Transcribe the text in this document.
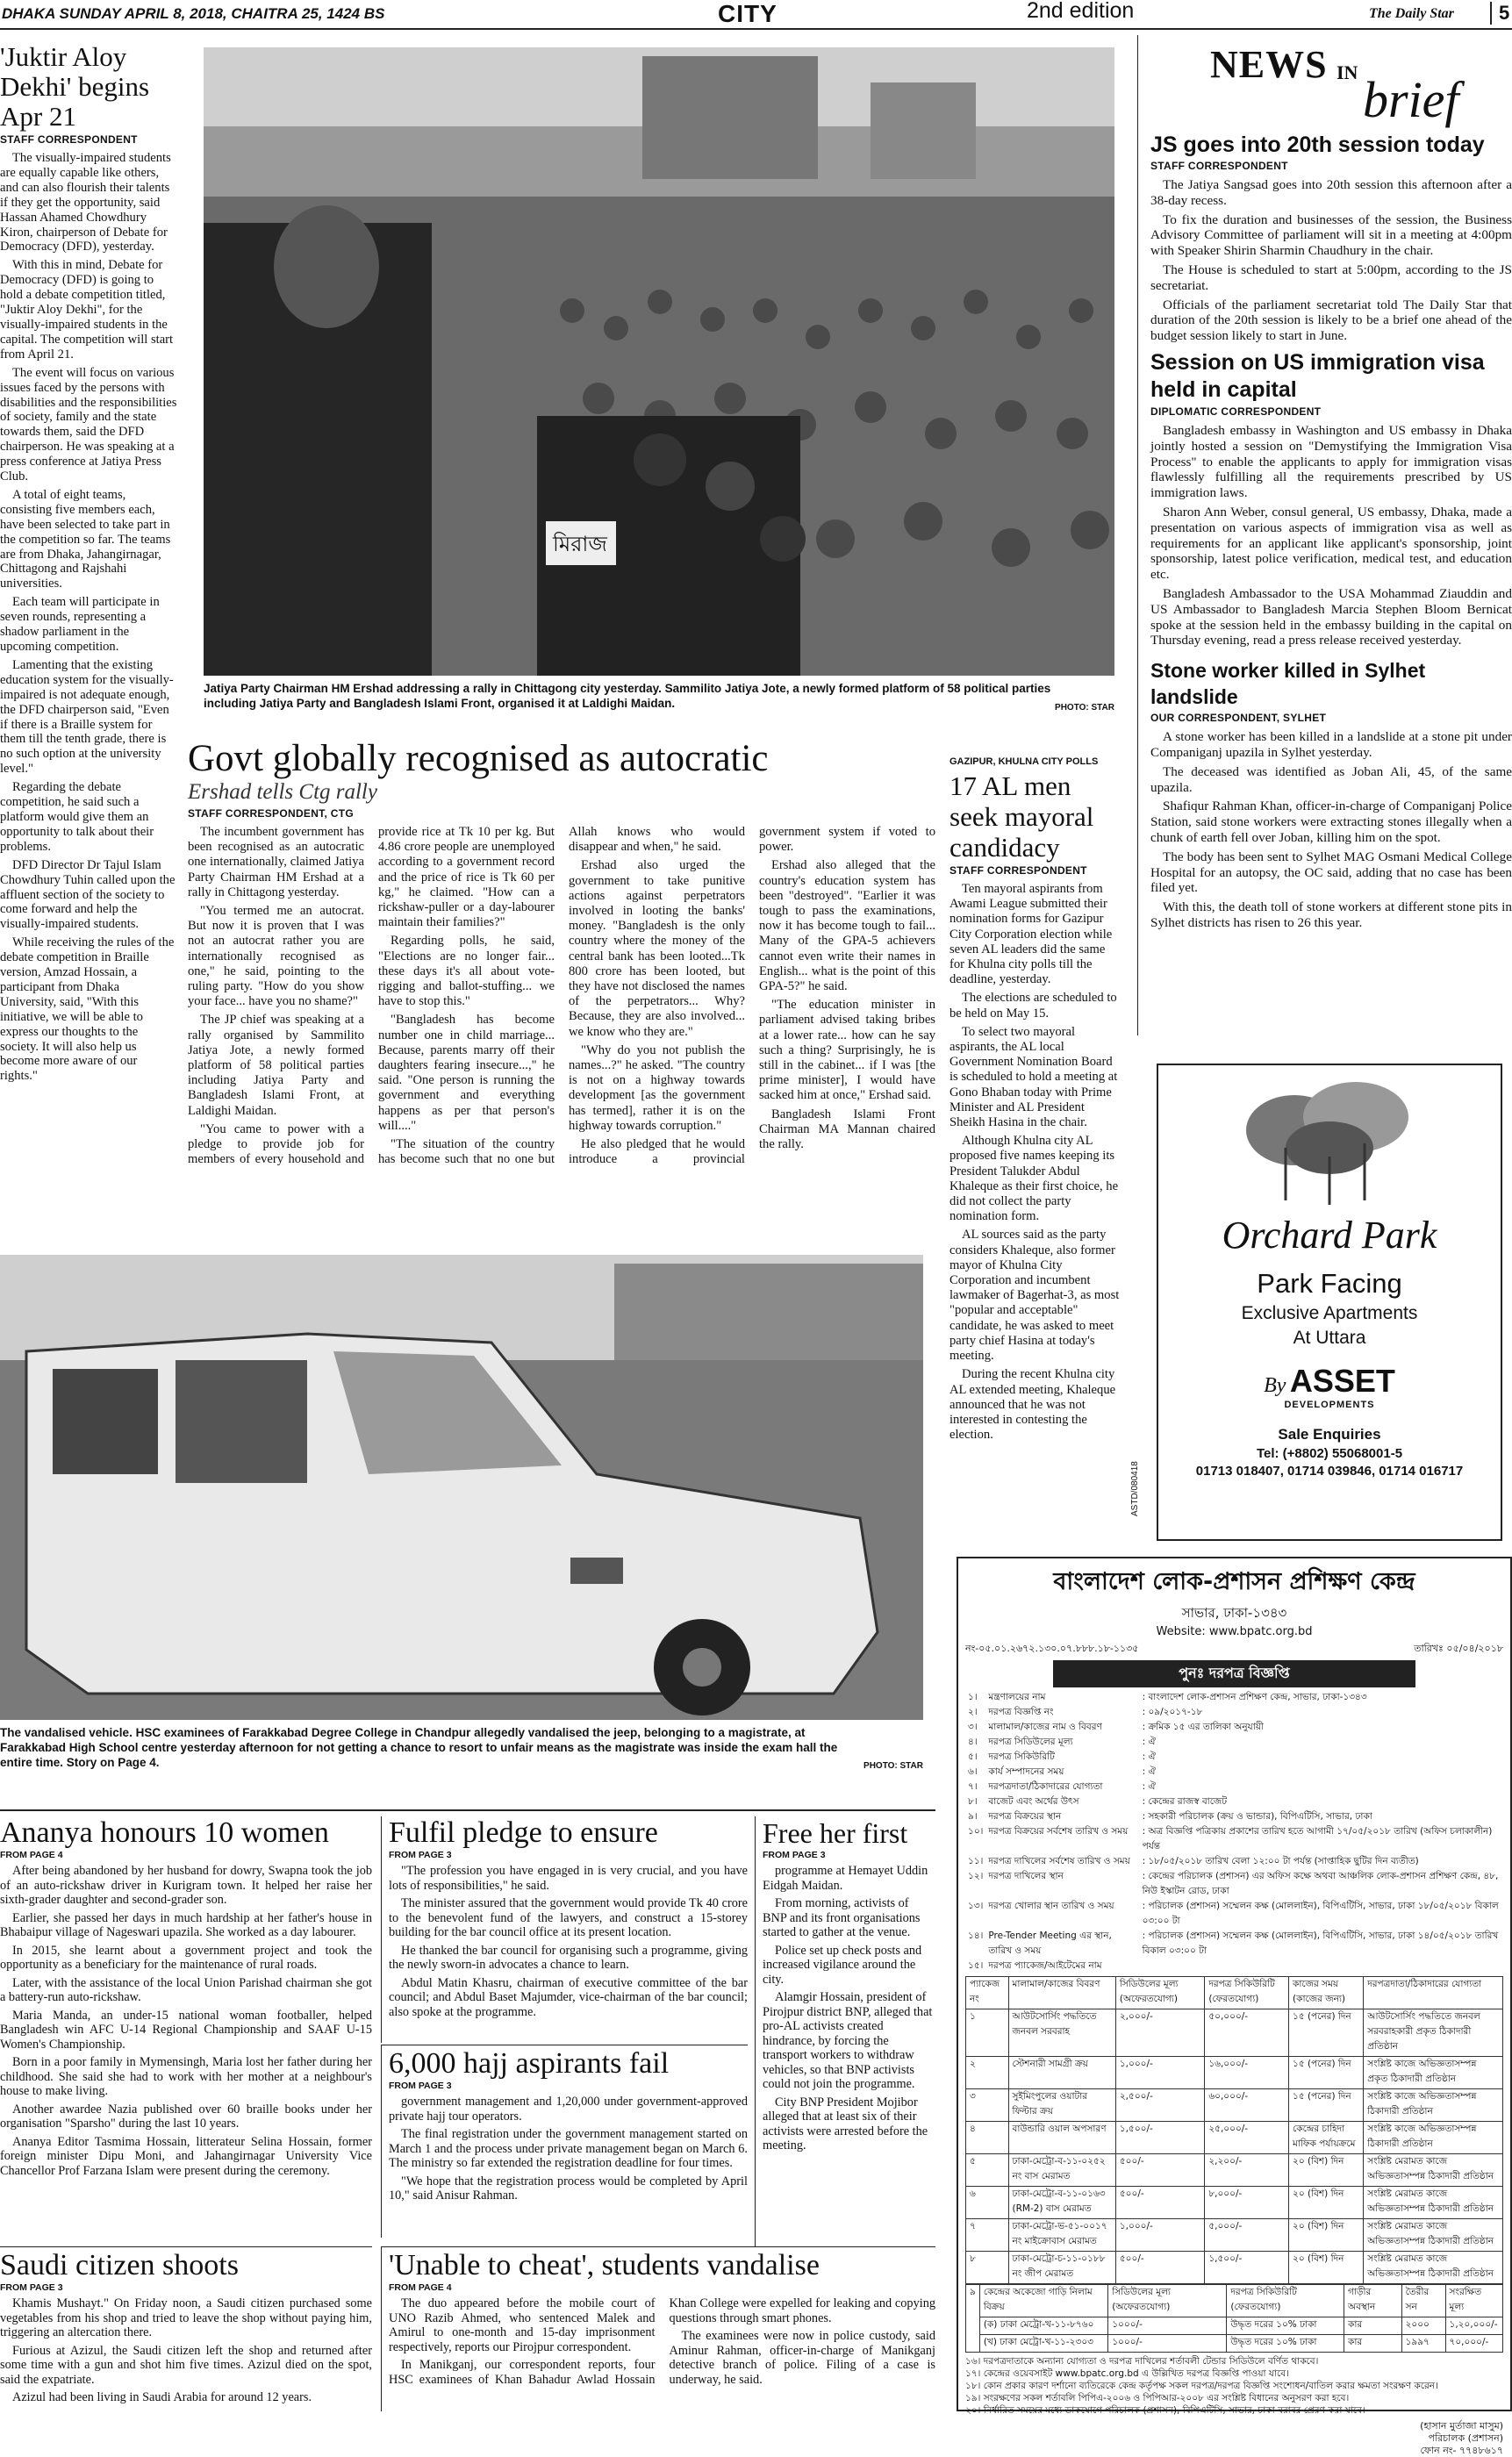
DHAKA SUNDAY APRIL 8, 2018, CHAITRA 25, 1424 BS	CITY	2nd edition	The Daily Star	5
'Juktir Aloy Dekhi' begins Apr 21
STAFF CORRESPONDENT

The visually-impaired students are equally capable like others, and can also flourish their talents if they get the opportunity, said Hassan Ahamed Chowdhury Kiron, chairperson of Debate for Democracy (DFD), yesterday.

With this in mind, Debate for Democracy (DFD) is going to hold a debate competition titled, "Juktir Aloy Dekhi", for the visually-impaired students in the capital. The competition will start from April 21.

The event will focus on various issues faced by the persons with disabilities and the responsibilities of society, family and the state towards them, said the DFD chairperson. He was speaking at a press conference at Jatiya Press Club.

A total of eight teams, consisting five members each, have been selected to take part in the competition so far. The teams are from Dhaka, Jahangirnagar, Chittagong and Rajshahi universities.

Each team will participate in seven rounds, representing a shadow parliament in the upcoming competition.

Lamenting that the existing education system for the visually-impaired is not adequate enough, the DFD chairperson said, "Even if there is a Braille system for them till the tenth grade, there is no such option at the university level."

Regarding the debate competition, he said such a platform would give them an opportunity to talk about their problems.

DFD Director Dr Tajul Islam Chowdhury Tuhin called upon the affluent section of the society to come forward and help the visually-impaired students.

While receiving the rules of the debate competition in Braille version, Amzad Hossain, a participant from Dhaka University, said, "With this initiative, we will be able to express our thoughts to the society. It will also help us become more aware of our rights."

মিরাজ
PHOTO: STAR
Jatiya Party Chairman HM Ershad addressing a rally in Chittagong city yesterday. Sammilito Jatiya Jote, a newly formed platform of 58 political parties including Jatiya Party and Bangladesh Islami Front, organised it at Laldighi Maidan.
Govt globally recognised as autocratic
Ershad tells Ctg rally
STAFF CORRESPONDENT, CTG

The incumbent government has been recognised as an autocratic one internationally, claimed Jatiya Party Chairman HM Ershad at a rally in Chittagong yesterday.

"You termed me an autocrat. But now it is proven that I was not an autocrat rather you are internationally recognised as one," he said, pointing to the ruling party. "How do you show your face... have you no shame?"

The JP chief was speaking at a rally organised by Sammilito Jatiya Jote, a newly formed platform of 58 political parties including Jatiya Party and Bangladesh Islami Front, at Laldighi Maidan.

"You came to power with a pledge to provide job for members of every household and provide rice at Tk 10 per kg. But 4.86 crore people are unemployed according to a government record and the price of rice is Tk 60 per kg," he claimed. "How can a rickshaw-puller or a day-labourer maintain their families?"

Regarding polls, he said, "Elections are no longer fair... these days it's all about vote-rigging and ballot-stuffing... we have to stop this."

"Bangladesh has become number one in child marriage... Because, parents marry off their daughters fearing insecure...," he said. "One person is running the government and everything happens as per that person's will...."

"The situation of the country has become such that no one but Allah knows who would disappear and when," he said.

Ershad also urged the government to take punitive actions against perpetrators involved in looting the banks' money. "Bangladesh is the only country where the money of the central bank has been looted...Tk 800 crore has been looted, but they have not disclosed the names of the perpetrators... Why? Because, they are also involved... we know who they are."

"Why do you not publish the names...?" he asked. "The country is not on a highway towards development [as the government has termed], rather it is on the highway towards corruption."

He also pledged that he would introduce a provincial government system if voted to power.

Ershad also alleged that the country's education system has been "destroyed". "Earlier it was tough to pass the examinations, now it has become tough to fail... Many of the GPA-5 achievers cannot even write their names in English... what is the point of this GPA-5?" he said.

"The education minister in parliament advised taking bribes at a lower rate... how can he say such a thing? Surprisingly, he is still in the cabinet... if I was [the prime minister], I would have sacked him at once," Ershad said.

Bangladesh Islami Front Chairman MA Mannan chaired the rally.

GAZIPUR, KHULNA CITY POLLS
17 AL men seek mayoral candidacy
STAFF CORRESPONDENT

Ten mayoral aspirants from Awami League submitted their nomination forms for Gazipur City Corporation election while seven AL leaders did the same for Khulna city polls till the deadline, yesterday.

The elections are scheduled to be held on May 15.

To select two mayoral aspirants, the AL local Government Nomination Board is scheduled to hold a meeting at Gono Bhaban today with Prime Minister and AL President Sheikh Hasina in the chair.

Although Khulna city AL proposed five names keeping its President Talukder Abdul Khaleque as their first choice, he did not collect the party nomination form.

AL sources said as the party considers Khaleque, also former mayor of Khulna City Corporation and incumbent lawmaker of Bagerhat-3, as most "popular and acceptable" candidate, he was asked to meet party chief Hasina at today's meeting.

During the recent Khulna city AL extended meeting, Khaleque announced that he was not interested in contesting the election.

NEWS IN brief
JS goes into 20th session today
STAFF CORRESPONDENT

The Jatiya Sangsad goes into 20th session this afternoon after a 38-day recess.

To fix the duration and businesses of the session, the Business Advisory Committee of parliament will sit in a meeting at 4:00pm with Speaker Shirin Sharmin Chaudhury in the chair.

The House is scheduled to start at 5:00pm, according to the JS secretariat.

Officials of the parliament secretariat told The Daily Star that duration of the 20th session is likely to be a brief one ahead of the budget session likely to start in June.

Session on US immigration visa held in capital
DIPLOMATIC CORRESPONDENT

Bangladesh embassy in Washington and US embassy in Dhaka jointly hosted a session on "Demystifying the Immigration Visa Process" to enable the applicants to apply for immigration visas flawlessly fulfilling all the requirements prescribed by US immigration laws.

Sharon Ann Weber, consul general, US embassy, Dhaka, made a presentation on various aspects of immigration visa as well as requirements for an applicant like applicant's sponsorship, joint sponsorship, latest police verification, medical test, and education etc.

Bangladesh Ambassador to the USA Mohammad Ziauddin and US Ambassador to Bangladesh Marcia Stephen Bloom Bernicat spoke at the session held in the embassy building in the capital on Thursday evening, read a press release received yesterday.

Stone worker killed in Sylhet landslide
OUR CORRESPONDENT, SYLHET

A stone worker has been killed in a landslide at a stone pit under Companiganj upazila in Sylhet yesterday.

The deceased was identified as Joban Ali, 45, of the same upazila.

Shafiqur Rahman Khan, officer-in-charge of Companiganj Police Station, said stone workers were extracting stones illegally when a chunk of earth fell over Joban, killing him on the spot.

The body has been sent to Sylhet MAG Osmani Medical College Hospital for an autopsy, the OC said, adding that no case has been filed yet.

With this, the death toll of stone workers at different stone pits in Sylhet districts has risen to 26 this year.

Orchard Park
Park Facing
Exclusive Apartments
At Uttara
By ASSET
DEVELOPMENTS
Sale Enquiries
Tel: (+8802) 55068001-5
01713 018407, 01714 039846, 01714 016717
ASTD/080418
PHOTO: STAR
The vandalised vehicle. HSC examinees of Farakkabad Degree College in Chandpur allegedly vandalised the jeep, belonging to a magistrate, at Farakkabad High School centre yesterday afternoon for not getting a chance to resort to unfair means as the magistrate was inside the exam hall the entire time. Story on Page 4.
বাংলাদেশ লোক-প্রশাসন প্রশিক্ষণ কেন্দ্র
সাভার, ঢাকা-১৩৪৩
Website: www.bpatc.org.bd
নং-০৫.০১.২৬৭২.১৩০.০৭.৮৮৮.১৮-১১৩৫	তারিখঃ ০৫/০৪/২০১৮
পুনঃ দরপত্র বিজ্ঞপ্তি
১।	মন্ত্রণালয়ের নাম	: বাংলাদেশ লোক-প্রশাসন প্রশিক্ষণ কেন্দ্র, সাভার, ঢাকা-১৩৪৩
২।	দরপত্র বিজ্ঞপ্তি নং	: ০৯/২০১৭-১৮
৩।	মালামাল/কাজের নাম ও বিবরণ	: ক্রমিক ১৫ এর তালিকা অনুযায়ী
৪।	দরপত্র সিডিউলের মূল্য	: ঐ
৫।	দরপত্র সিকিউরিটি	: ঐ
৬।	কার্য সম্পাদনের সময়	: ঐ
৭।	দরপত্রদাতা/ঠিকাদারের যোগ্যতা	: ঐ
৮।	বাজেট এবং অর্থের উৎস	: কেন্দ্রের রাজস্ব বাজেট
৯।	দরপত্র বিক্রয়ের স্থান	: সহকারী পরিচালক (ক্রয় ও ভান্ডার), বিপিএটিসি, সাভার, ঢাকা
১০।	দরপত্র বিক্রয়ের সর্বশেষ তারিখ ও সময়	: অত্র বিজ্ঞপ্তি পত্রিকায় প্রকাশের তারিখ হতে আগামী ১৭/০৫/২০১৮ তারিখ (অফিস চলাকালীন) পর্যন্ত
১১।	দরপত্র দাখিলের সর্বশেষ তারিখ ও সময়	: ১৮/০৫/২০১৮ তারিখ বেলা ১২:০০ টা পর্যন্ত (সাপ্তাহিক ছুটির দিন ব্যতীত)
১২।	দরপত্র দাখিলের স্থান	: কেন্দ্রের পরিচালক (প্রশাসন) এর অফিস কক্ষে অথবা আঞ্চলিক লোক-প্রশাসন প্রশিক্ষণ কেন্দ্র, ৪৮, নিউ ইস্কাটন রোড, ঢাকা
১৩।	দরপত্র খোলার স্থান তারিখ ও সময়	: পরিচালক (প্রশাসন) সম্মেলন কক্ষ (মোললাইন), বিপিএটিসি, সাভার, ঢাকা ১৮/০৫/২০১৮ বিকাল ০৩:০০ টা
১৪।	Pre-Tender Meeting এর স্থান, তারিখ ও সময়	: পরিচালক (প্রশাসন) সম্মেলন কক্ষ (মোললাইন), বিপিএটিসি, সাভার, ঢাকা ১৪/০৫/২০১৮ তারিখ বিকাল ০৩:০০ টা
১৫।	দরপত্র প্যাকেজ/আইটেমের নাম	
প্যাকেজ নং	মালামাল/কাজের বিবরণ	সিডিউলের মূল্য (অফেরতযোগ্য)	দরপত্র সিকিউরিটি (ফেরতযোগ্য)	কাজের সময় (কাজের জন্য)	দরপত্রদাতা/ঠিকাদারের যোগ্যতা
১	আউটসোর্সিং পদ্ধতিতে জনবল সরবরাহ	২,০০০/-	৫০,০০০/-	১৫ (পনের) দিন	আউটসোর্সিং পদ্ধতিতে জনবল সরবরাহকারী প্রকৃত ঠিকাদারী প্রতিষ্ঠান
২	স্টেশনারী সামগ্রী ক্রয়	১,০০০/-	১৬,০০০/-	১৫ (পনের) দিন	সংশ্লিষ্ট কাজে অভিজ্ঞতাসম্পন্ন প্রকৃত ঠিকাদারী প্রতিষ্ঠান
৩	সুইমিংপুলের ওয়াটার ফিল্টার ক্রয়	২,৫০০/-	৬০,০০০/-	১৫ (পনের) দিন	সংশ্লিষ্ট কাজে অভিজ্ঞতাসম্পন্ন ঠিকাদারী প্রতিষ্ঠান
৪	বাউন্ডারি ওয়াল অপসারণ	১,৫০০/-	২৫,০০০/-	কেন্দ্রের চাহিদা মাফিক পর্যায়ক্রমে	সংশ্লিষ্ট কাজে অভিজ্ঞতাসম্পন্ন ঠিকাদারী প্রতিষ্ঠান
৫	ঢাকা-মেট্রো-ব-১১-০২৫২ নং বাস মেরামত	৫০০/-	২,২০০/-	২০ (বিশ) দিন	সংশ্লিষ্ট মেরামত কাজে অভিজ্ঞতাসম্পন্ন ঠিকাদারী প্রতিষ্ঠান
৬	ঢাকা-মেট্রো-ব-১১-০১৬৩ (RM-2) বাস মেরামত	৫০০/-	৮,০০০/-	২০ (বিশ) দিন	সংশ্লিষ্ট মেরামত কাজে অভিজ্ঞতাসম্পন্ন ঠিকাদারী প্রতিষ্ঠান
৭	ঢাকা-মেট্রো-ভ-৫১-০০১৭ নং মাইক্রোবাস মেরামত	১,০০০/-	৫,০০০/-	২০ (বিশ) দিন	সংশ্লিষ্ট মেরামত কাজে অভিজ্ঞতাসম্পন্ন ঠিকাদারী প্রতিষ্ঠান
৮	ঢাকা-মেট্রো-চ-১১-০১৮৮ নং জীপ মেরামত	৫০০/-	১,৫০০/-	২০ (বিশ) দিন	সংশ্লিষ্ট মেরামত কাজে অভিজ্ঞতাসম্পন্ন ঠিকাদারী প্রতিষ্ঠান
৯	কেন্দ্রের অকেজো গাড়ি নিলাম বিক্রয়	সিডিউলের মূল্য (অফেরতযোগ্য)	দরপত্র সিকিউরিটি (ফেরতযোগ্য)	গাড়ীর অবস্থান	তৈরীর সন	সংরক্ষিত মূল্য
	(ক) ঢাকা মেট্রো-খ-১১-৮৭৬০	১০০০/-	উদ্ধৃত দরের ১০% ঢাকা	কার	২০০০	১,২০,০০০/-
	(খ) ঢাকা মেট্রো-খ-১১-২৩০৩	১০০০/-	উদ্ধৃত দরের ১০% ঢাকা	কার	১৯৯৭	৭০,০০০/-
১৬। দরপত্রদাতাকে অন্যান্য যোগ্যতা ও দরপত্র দাখিলের শর্তাবলী টেন্ডার সিডিউলে বর্ণিত থাকবে।
১৭। কেন্দ্রের ওয়েবসাইট www.bpatc.org.bd এ উল্লিখিত দরপত্র বিজ্ঞপ্তি পাওয়া যাবে।
১৮। কোন প্রকার কারণ দর্শানো ব্যতিরেকে কেন্দ্র কর্তৃপক্ষ সকল দরপত্র/দরপত্র বিজ্ঞপ্তি সংশোধন/বাতিল করার ক্ষমতা সংরক্ষণ করেন।
১৯। সংরক্ষণের সকল শর্তাবলি পিপিএ-২০০৬ ও পিপিআর-২০০৮ এর সংশ্লিষ্ট বিধানের অনুসরণ করা হবে।
২০। নির্ধারিত সময়ের মধ্যে ডাকযোগে পরিচালক (প্রশাসন), বিপিএটিসি, সাভার, ঢাকা বরাবর প্রেরণ করা যাবে।
(হাসান মুর্তাজা মাসুম)
পরিচালক (প্রশাসন)
ফোন নং- ৭৭৪৮৬১৭
Ananya honours 10 women
FROM PAGE 4

After being abandoned by her husband for dowry, Swapna took the job of an auto-rickshaw driver in Kurigram town. It helped her raise her sixth-grader daughter and second-grader son.

Earlier, she passed her days in much hardship at her father's house in Bhabaipur village of Nageswari upazila. She worked as a day labourer.

In 2015, she learnt about a government project and took the opportunity as a beneficiary for the maintenance of rural roads.

Later, with the assistance of the local Union Parishad chairman she got a battery-run auto-rickshaw.

Maria Manda, an under-15 national woman footballer, helped Bangladesh win AFC U-14 Regional Championship and SAAF U-15 Women's Championship.

Born in a poor family in Mymensingh, Maria lost her father during her childhood. She said she had to work with her mother at a neighbour's house to make living.

Another awardee Nazia published over 60 braille books under her organisation "Sparsho" during the last 10 years.

Ananya Editor Tasmima Hossain, litterateur Selina Hossain, former foreign minister Dipu Moni, and Jahangirnagar University Vice Chancellor Prof Farzana Islam were present during the ceremony.

Saudi citizen shoots
FROM PAGE 3

Khamis Mushayt." On Friday noon, a Saudi citizen purchased some vegetables from his shop and tried to leave the shop without paying him, triggering an altercation there.

Furious at Azizul, the Saudi citizen left the shop and returned after some time with a gun and shot him five times. Azizul died on the spot, said the expatriate.

Azizul had been living in Saudi Arabia for around 12 years.

Fulfil pledge to ensure
FROM PAGE 3

"The profession you have engaged in is very crucial, and you have lots of responsibilities," he said.

The minister assured that the government would provide Tk 40 crore to the benevolent fund of the lawyers, and construct a 15-storey building for the bar council office at its present location.

He thanked the bar council for organising such a programme, giving the newly sworn-in advocates a chance to learn.

Abdul Matin Khasru, chairman of executive committee of the bar council; and Abdul Baset Majumder, vice-chairman of the bar council; also spoke at the programme.

6,000 hajj aspirants fail
FROM PAGE 3

government management and 1,20,000 under government-approved private hajj tour operators.

The final registration under the government management started on March 1 and the process under private management began on March 6. The ministry so far extended the registration deadline for four times.

"We hope that the registration process would be completed by April 10," said Anisur Rahman.

Free her first
FROM PAGE 3

programme at Hemayet Uddin Eidgah Maidan.

From morning, activists of BNP and its front organisations started to gather at the venue.

Police set up check posts and increased vigilance around the city.

Alamgir Hossain, president of Pirojpur district BNP, alleged that pro-AL activists created hindrance, by forcing the transport workers to withdraw vehicles, so that BNP activists could not join the programme.

City BNP President Mojibor alleged that at least six of their activists were arrested before the meeting.

'Unable to cheat', students vandalise
FROM PAGE 4

The duo appeared before the mobile court of UNO Razib Ahmed, who sentenced Malek and Amirul to one-month and 15-day imprisonment respectively, reports our Pirojpur correspondent.

In Manikganj, our correspondent reports, four HSC examinees of Khan Bahadur Awlad Hossain Khan College were expelled for leaking and copying questions through smart phones.

The examinees were now in police custody, said Aminur Rahman, officer-in-charge of Manikganj detective branch of police. Filing of a case is underway, he said.
